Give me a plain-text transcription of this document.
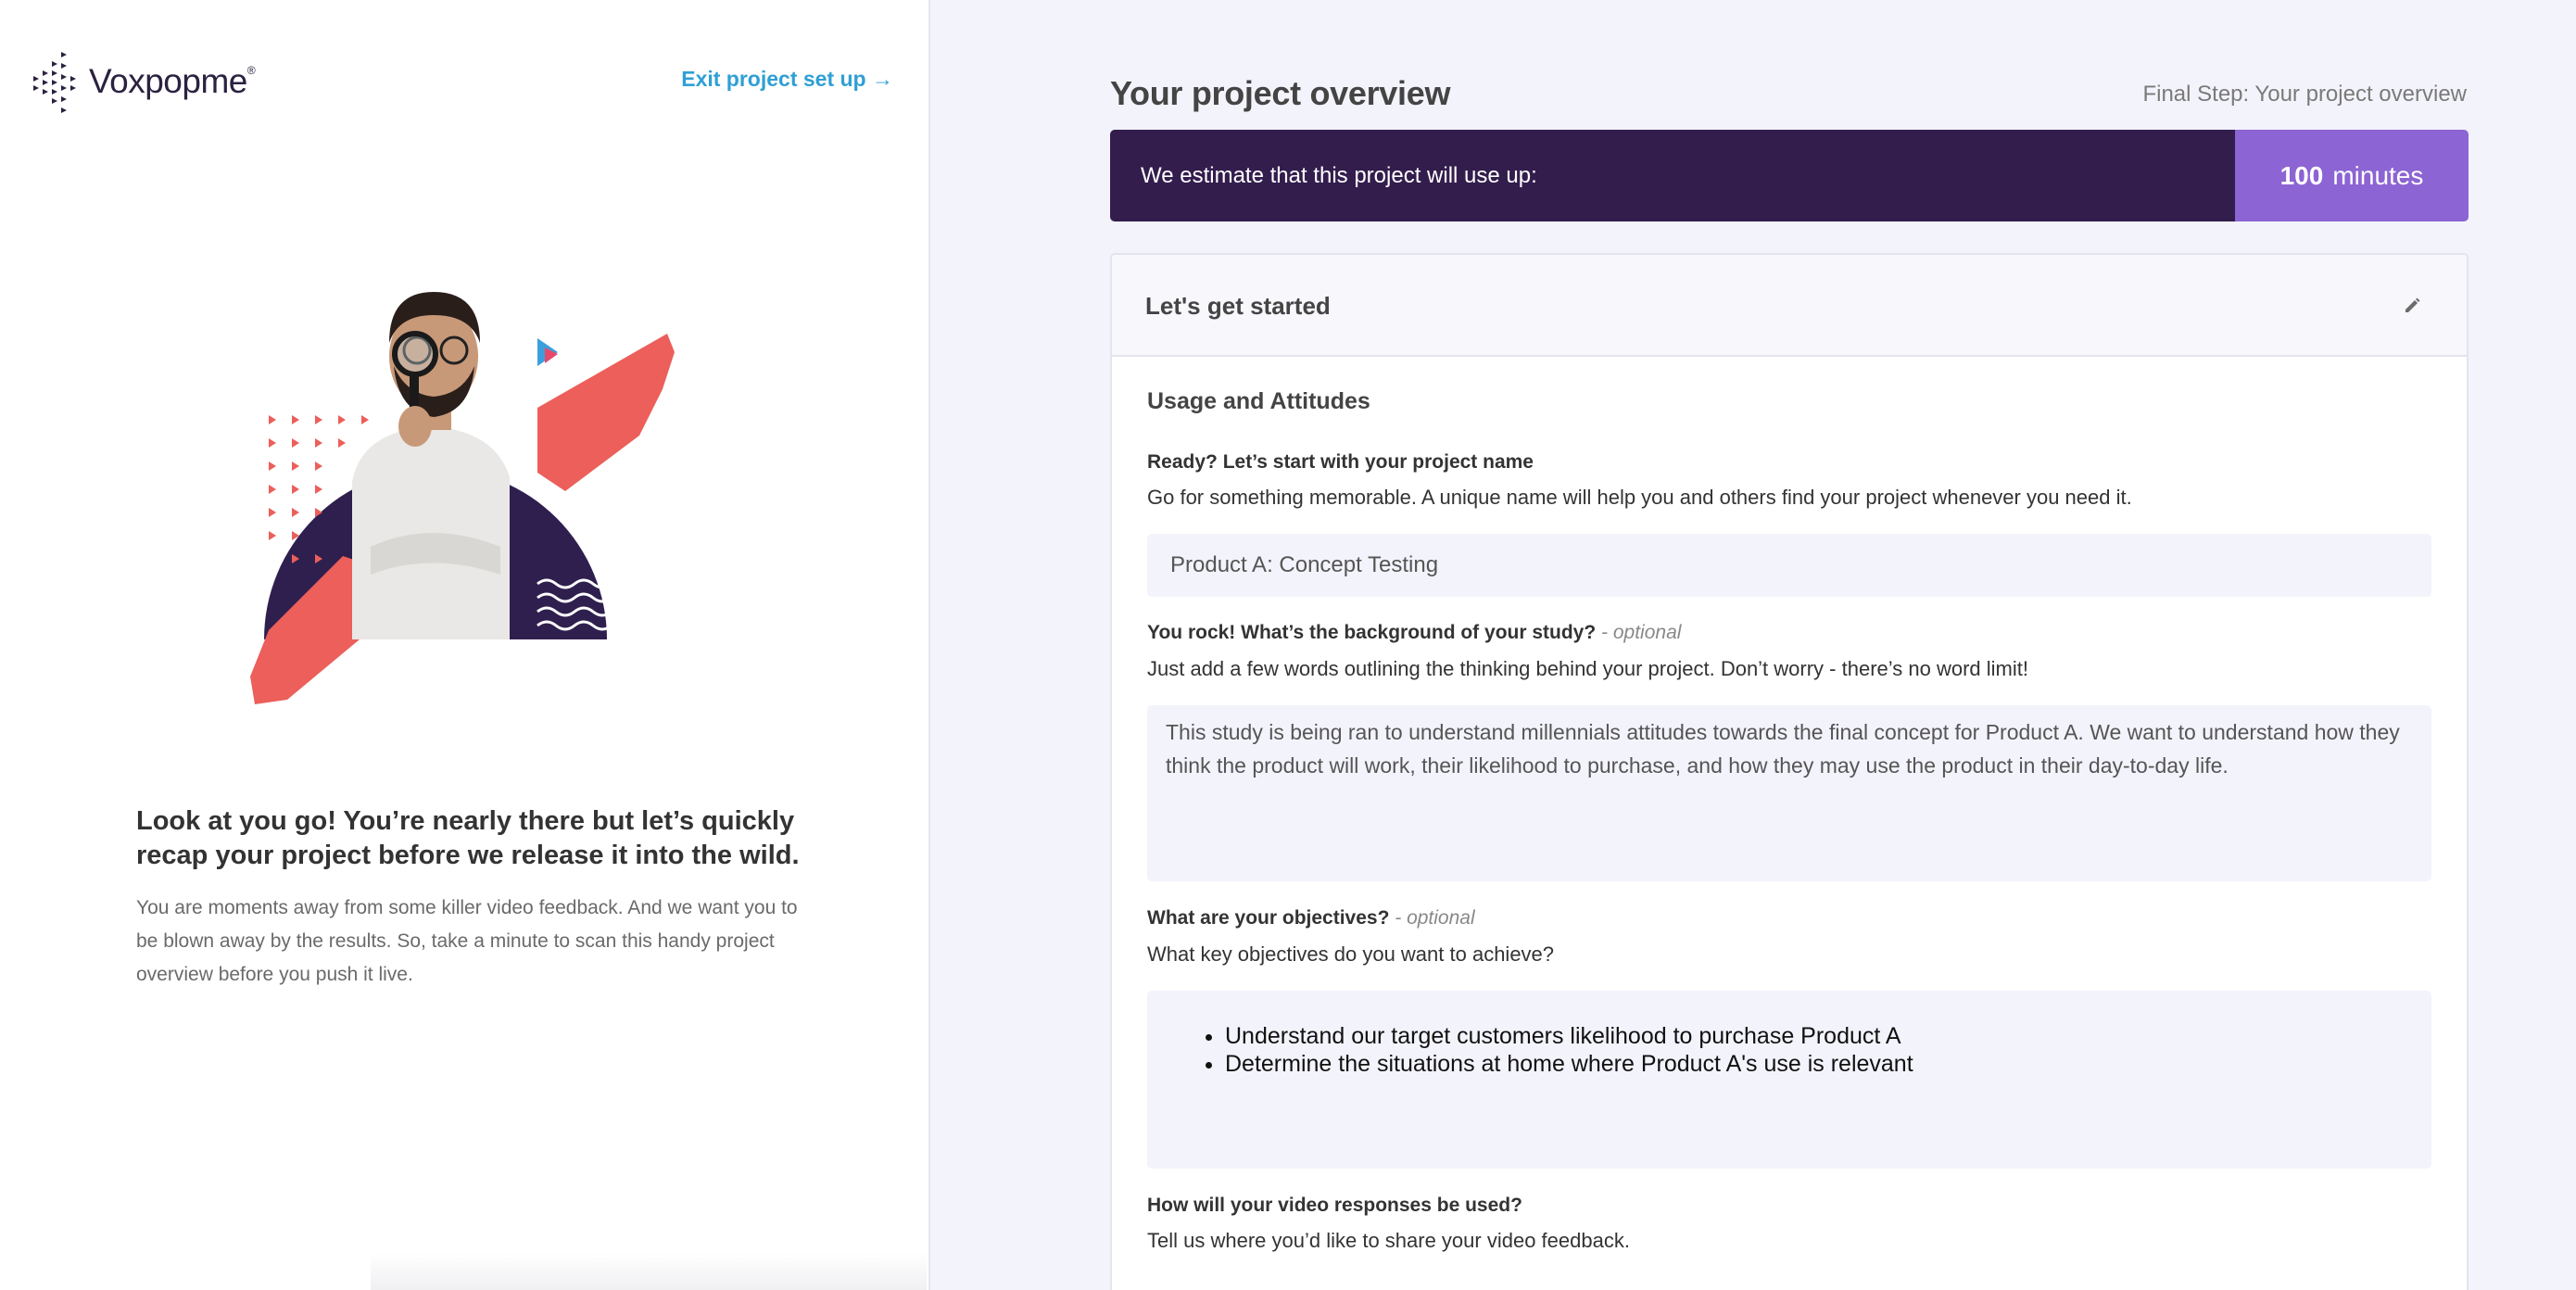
Voxpopme®	Exit project set up →
Look at you go! You’re nearly there but let’s quickly recap your project before we release it into the wild.

You are moments away from some killer video feedback. And we want you to be blown away by the results. So, take a minute to scan this handy project overview before you push it live.

Your project overview	Final Step: Your project overview
We estimate that this project will use up:	100 minutes
Let's get started
Usage and Attitudes
Ready? Let’s start with your project name
Go for something memorable. A unique name will help you and others find your project whenever you need it.
Product A: Concept Testing
You rock! What’s the background of your study? - optional
Just add a few words outlining the thinking behind your project. Don’t worry - there’s no word limit!
This study is being ran to understand millennials attitudes towards the final concept for Product A. We want to understand how they think the product will work, their likelihood to purchase, and how they may use the product in their day-to-day life.
What are your objectives? - optional
What key objectives do you want to achieve?
• Understand our target customers likelihood to purchase Product A
• Determine the situations at home where Product A's use is relevant
How will your video responses be used?
Tell us where you’d like to share your video feedback.
